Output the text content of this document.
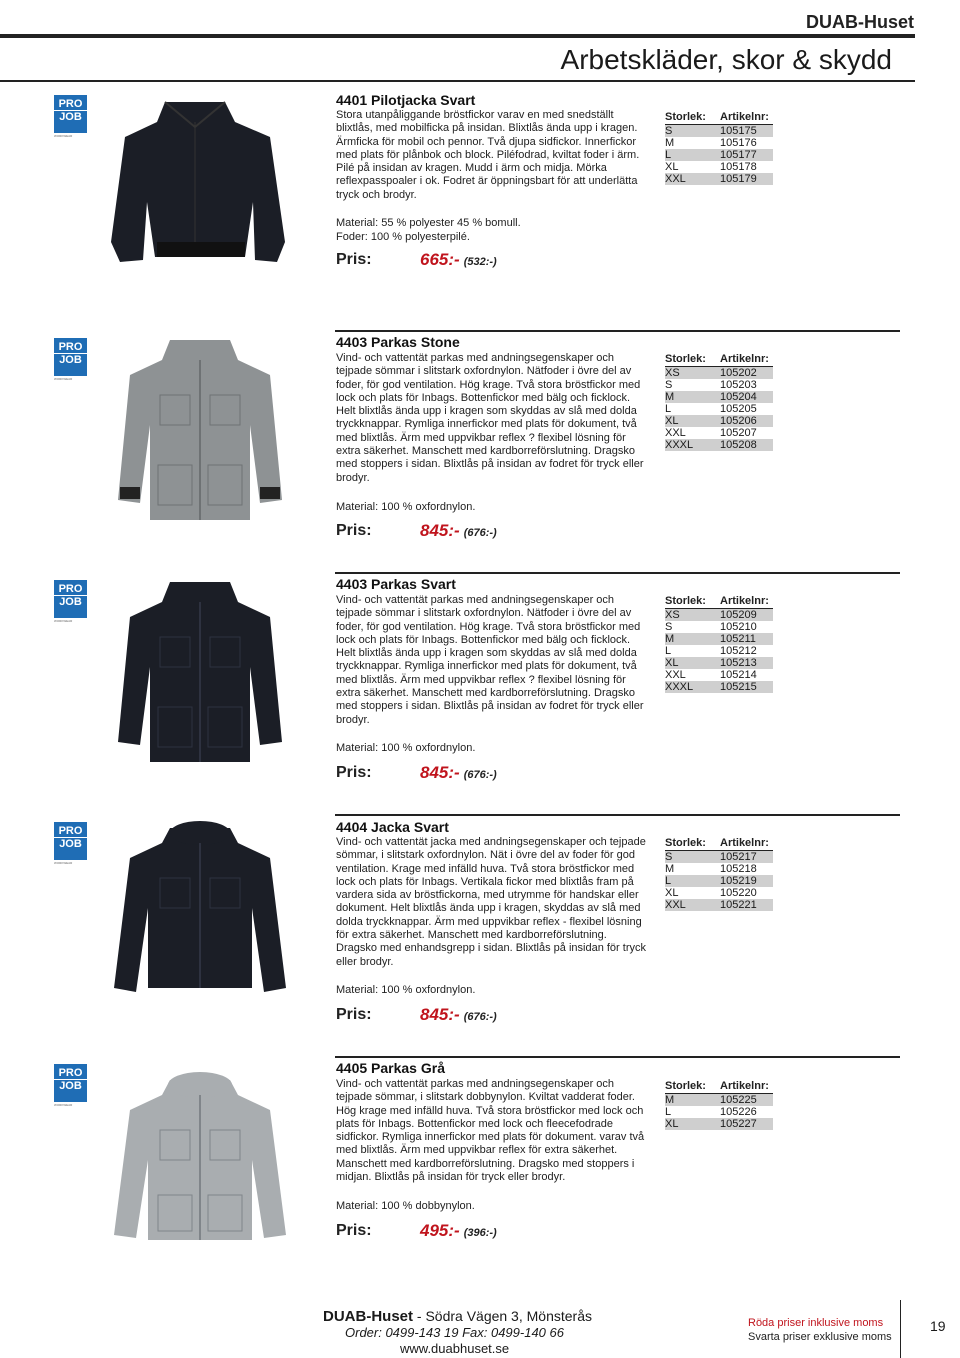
DUAB-Huset
Arbetskläder, skor & skydd
PRO
JOB
WORKWEAR
4401 Pilotjacka Svart

Stora utanpåliggande bröstfickor varav en med snedställt blixtlås, med mobilficka på insidan. Blixtlås ända upp i kragen. Ärmficka för mobil och pennor. Två djupa sidfickor. Innerfickor med plats för plånbok och block. Piléfodrad, kviltat foder i ärm. Pilé på insidan av kragen. Mudd i ärm och midja. Mörka reflexpasspoaler i ok. Fodret är öppningsbart för att underlätta tryck och brodyr.

Material: 55 % polyester 45 % bomull.
Foder: 100 % polyesterpilé.
Pris:	665:- (532:-)
Storlek:	Artikelnr:
S	105175
M	105176
L	105177
XL	105178
XXL	105179
PRO
JOB
WORKWEAR
4403 Parkas Stone

Vind- och vattentät parkas med andningsegenskaper och tejpade sömmar i slitstark oxfordnylon. Nätfoder i övre del av foder, för god ventilation. Hög krage. Två stora bröstfickor med lock och plats för Inbags. Bottenfickor med bälg och ficklock. Helt blixtlås ända upp i kragen som skyddas av slå med dolda tryckknappar. Rymliga innerfickor med plats för dokument, två med blixtlås. Ärm med uppvikbar reflex ? flexibel lösning för extra säkerhet. Manschett med kardborreförslutning. Dragsko med stoppers i sidan. Blixtlås på insidan av fodret för tryck eller brodyr.

Material: 100 % oxfordnylon.
Pris:	845:- (676:-)
Storlek:	Artikelnr:
XS	105202
S	105203
M	105204
L	105205
XL	105206
XXL	105207
XXXL	105208
PRO
JOB
WORKWEAR
4403 Parkas Svart

Vind- och vattentät parkas med andningsegenskaper och tejpade sömmar i slitstark oxfordnylon. Nätfoder i övre del av foder, för god ventilation. Hög krage. Två stora bröstfickor med lock och plats för Inbags. Bottenfickor med bälg och ficklock. Helt blixtlås ända upp i kragen som skyddas av slå med dolda tryckknappar. Rymliga innerfickor med plats för dokument, två med blixtlås. Ärm med uppvikbar reflex ? flexibel lösning för extra säkerhet. Manschett med kardborreförslutning. Dragsko med stoppers i sidan. Blixtlås på insidan av fodret för tryck eller brodyr.

Material: 100 % oxfordnylon.
Pris:	845:- (676:-)
Storlek:	Artikelnr:
XS	105209
S	105210
M	105211
L	105212
XL	105213
XXL	105214
XXXL	105215
PRO
JOB
WORKWEAR
4404 Jacka Svart

Vind- och vattentät jacka med andningsegenskaper och tejpade sömmar, i slitstark oxfordnylon. Nät i övre del av foder för god ventilation. Krage med infälld huva. Två stora bröstfickor med lock och plats för Inbags. Vertikala fickor med blixtlås fram på vardera sida av bröstfickorna, med utrymme för handskar eller dokument. Helt blixtlås ända upp i kragen, skyddas av slå med dolda tryckknappar. Ärm med uppvikbar reflex - flexibel lösning för extra säkerhet. Manschett med kardborreförslutning. Dragsko med enhandsgrepp i sidan. Blixtlås på insidan för tryck eller brodyr.

Material: 100 % oxfordnylon.
Pris:	845:- (676:-)
Storlek:	Artikelnr:
S	105217
M	105218
L	105219
XL	105220
XXL	105221
PRO
JOB
WORKWEAR
4405 Parkas Grå

Vind- och vattentät parkas med andningsegenskaper och tejpade sömmar, i slitstark dobbynylon. Kviltat vadderat foder. Hög krage med infälld huva. Två stora bröstfickor med lock och plats för Inbags. Bottenfickor med lock och fleecefodrade sidfickor. Rymliga innerfickor med plats för dokument. varav två med blixtlås. Ärm med uppvikbar reflex för extra säkerhet. Manschett med kardborreförslutning. Dragsko med stoppers i midjan. Blixtlås på insidan för tryck eller brodyr.

Material: 100 % dobbynylon.
Pris:	495:- (396:-)
Storlek:	Artikelnr:
M	105225
L	105226
XL	105227
DUAB-Huset - Södra Vägen 3, Mönsterås
Order: 0499-143 19 Fax: 0499-140 66
www.duabhuset.se
Röda priser inklusive moms
Svarta priser exklusive moms
19
